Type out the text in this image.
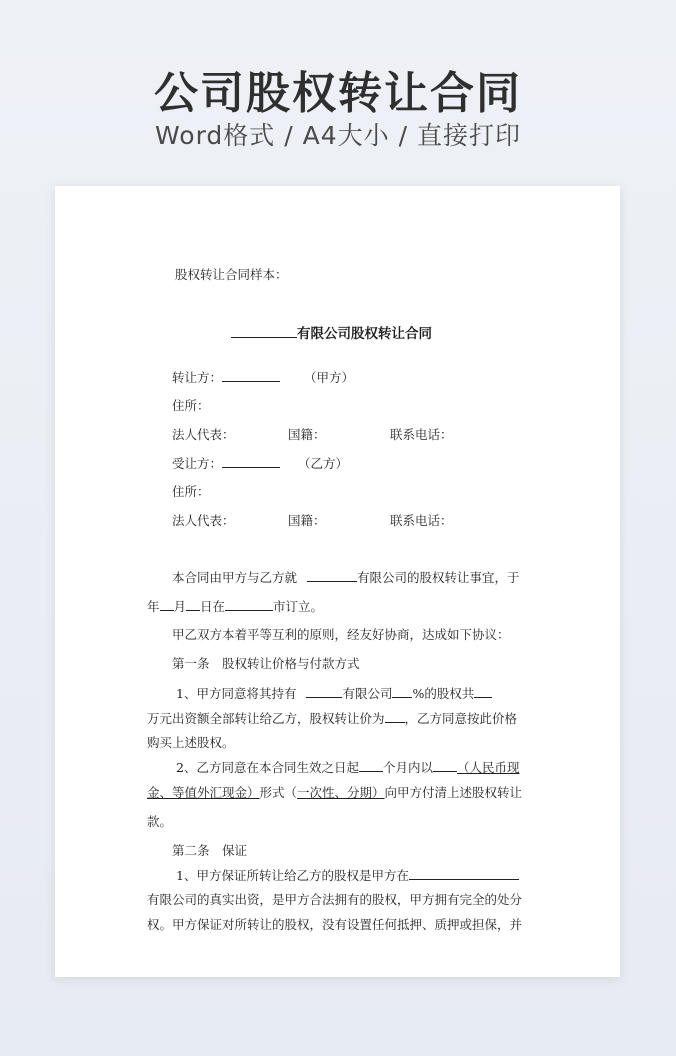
公司股权转让合同
Word格式 / A4大小 / 直接打印
股权转让合同样本：
有限公司股权转让合同
转让方：	（甲方）
住所：
法人代表：	国籍：	联系电话：
受让方：	（乙方）
住所：
法人代表：	国籍：	联系电话：
本合同由甲方与乙方就	有限公司的股权转让事宜，于
年 月 日在	市订立。
甲乙双方本着平等互利的原则，经友好协商，达成如下协议：
第一条　股权转让价格与付款方式
1、甲方同意将其持有	有限公司 %的股权共
万元出资额全部转让给乙方，股权转让价为 ，乙方同意按此价格
购买上述股权。
2、乙方同意在本合同生效之日起 个月内以 （人民币现
金、等值外汇现金）形式（一次性、分期）向甲方付清上述股权转让
款。
第二条　保证
1、甲方保证所转让给乙方的股权是甲方在
有限公司的真实出资，是甲方合法拥有的股权，甲方拥有完全的处分
权。甲方保证对所转让的股权，没有设置任何抵押、质押或担保，并
